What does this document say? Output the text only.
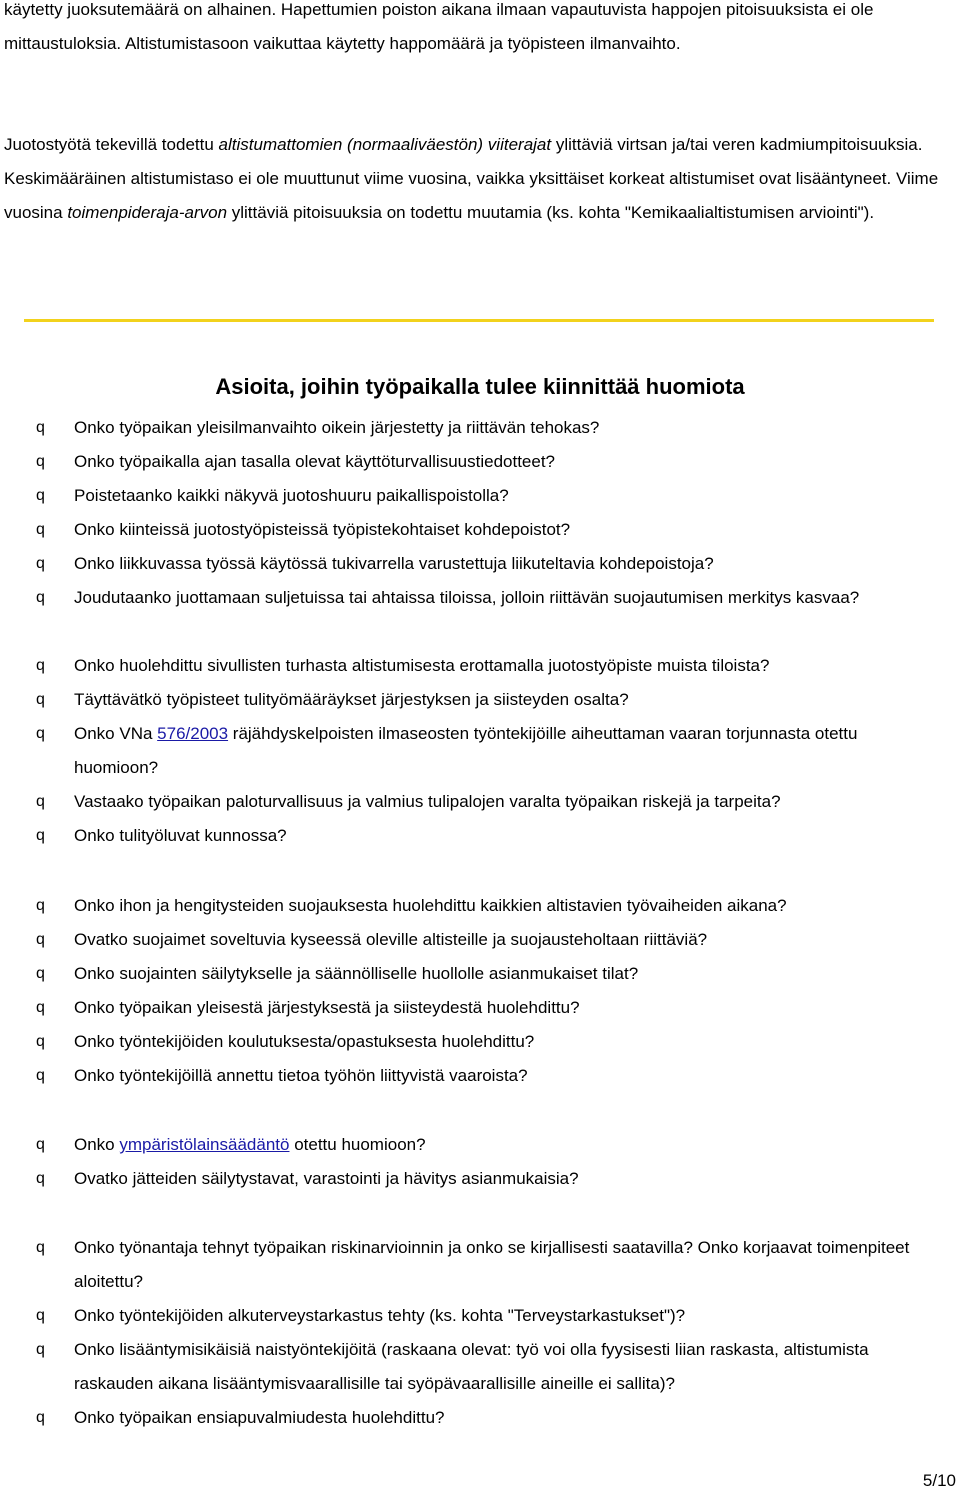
käytetty juoksutemäärä on alhainen. Hapettumien poiston aikana ilmaan vapautuvista happojen pitoisuuksista ei ole mittaustuloksia. Altistumistasoon vaikuttaa käytetty happomäärä ja työpisteen ilmanvaihto.

Juotostyötä tekevillä todettu altistumattomien (normaaliväestön) viiterajat ylittäviä virtsan ja/tai veren kadmiumpitoisuuksia. Keskimääräinen altistumistaso ei ole muuttunut viime vuosina, vaikka yksittäiset korkeat altistumiset ovat lisääntyneet. Viime vuosina toimenpideraja-arvon ylittäviä pitoisuuksia on todettu muutamia (ks. kohta "Kemikaalialtistumisen arviointi").

Asioita, joihin työpaikalla tulee kiinnittää huomiota
q Onko työpaikan yleisilmanvaihto oikein järjestetty ja riittävän tehokas?

q Onko työpaikalla ajan tasalla olevat käyttöturvallisuustiedotteet?

q Poistetaanko kaikki näkyvä juotoshuuru paikallispoistolla?

q Onko kiinteissä juotostyöpisteissä työpistekohtaiset kohdepoistot?

q Onko liikkuvassa työssä käytössä tukivarrella varustettuja liikuteltavia kohdepoistoja?

q Joudutaanko juottamaan suljetuissa tai ahtaissa tiloissa, jolloin riittävän suojautumisen merkitys kasvaa?

q Onko huolehdittu sivullisten turhasta altistumisesta erottamalla juotostyöpiste muista tiloista?

q Täyttävätkö työpisteet tulityömääräykset järjestyksen ja siisteyden osalta?

q Onko VNa 576/2003 räjähdyskelpoisten ilmaseosten työntekijöille aiheuttaman vaaran torjunnasta otettu huomioon?

q Vastaako työpaikan paloturvallisuus ja valmius tulipalojen varalta työpaikan riskejä ja tarpeita?

q Onko tulityöluvat kunnossa?

q Onko ihon ja hengitysteiden suojauksesta huolehdittu kaikkien altistavien työvaiheiden aikana?

q Ovatko suojaimet soveltuvia kyseessä oleville altisteille ja suojausteholtaan riittäviä?

q Onko suojainten säilytykselle ja säännölliselle huollolle asianmukaiset tilat?

q Onko työpaikan yleisestä järjestyksestä ja siisteydestä huolehdittu?

q Onko työntekijöiden koulutuksesta/opastuksesta huolehdittu?

q Onko työntekijöillä annettu tietoa työhön liittyvistä vaaroista?

q Onko ympäristölainsäädäntö otettu huomioon?

q Ovatko jätteiden säilytystavat, varastointi ja hävitys asianmukaisia?

q Onko työnantaja tehnyt työpaikan riskinarvioinnin ja onko se kirjallisesti saatavilla? Onko korjaavat toimenpiteet aloitettu?

q Onko työntekijöiden alkuterveystarkastus tehty (ks. kohta "Terveystarkastukset")?

q Onko lisääntymisikäisiä naistyöntekijöitä (raskaana olevat: työ voi olla fyysisesti liian raskasta, altistumista raskauden aikana lisääntymisvaarallisille tai syöpävaarallisille aineille ei sallita)?

q Onko työpaikan ensiapuvalmiudesta huolehdittu?

5/10
